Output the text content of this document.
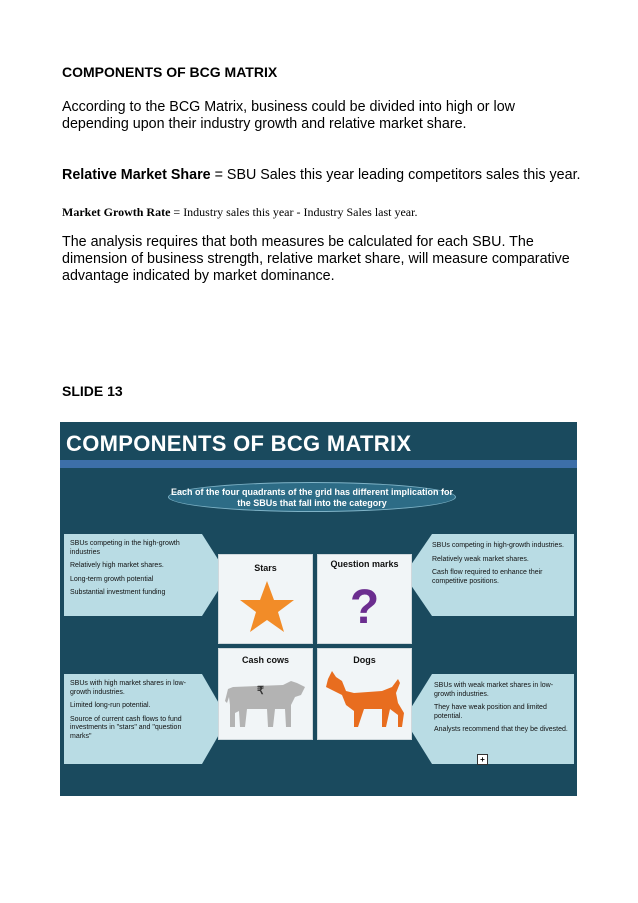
COMPONENTS OF BCG MATRIX
According to the BCG Matrix, business could be divided into high or low depending upon their industry growth and relative market share.
Relative Market Share = SBU Sales this year leading competitors sales this year.
Market Growth Rate = Industry sales this year - Industry Sales last year.
The analysis requires that both measures be calculated for each SBU. The dimension of business strength, relative market share, will measure comparative advantage indicated by market dominance.
SLIDE 13
COMPONENTS OF BCG MATRIX
Each of the four quadrants of the grid has different implication for the SBUs that fall into the category
SBUs competing in the high-growth industries
Relatively high market shares.
Long-term growth potential
Substantial investment funding
SBUs competing in high-growth industries.
Relatively weak market shares.
Cash flow required to enhance their competitive positions.
SBUs with high market shares in low-growth industries.
Limited long-run potential.
Source of current cash flows to fund investments in "stars" and "question marks"
SBUs with weak market shares in low-growth industries.
They have weak position and limited potential.
Analysts recommend that they be divested.
Stars	Question marks
?
Cash cows
₹
Dogs
+
